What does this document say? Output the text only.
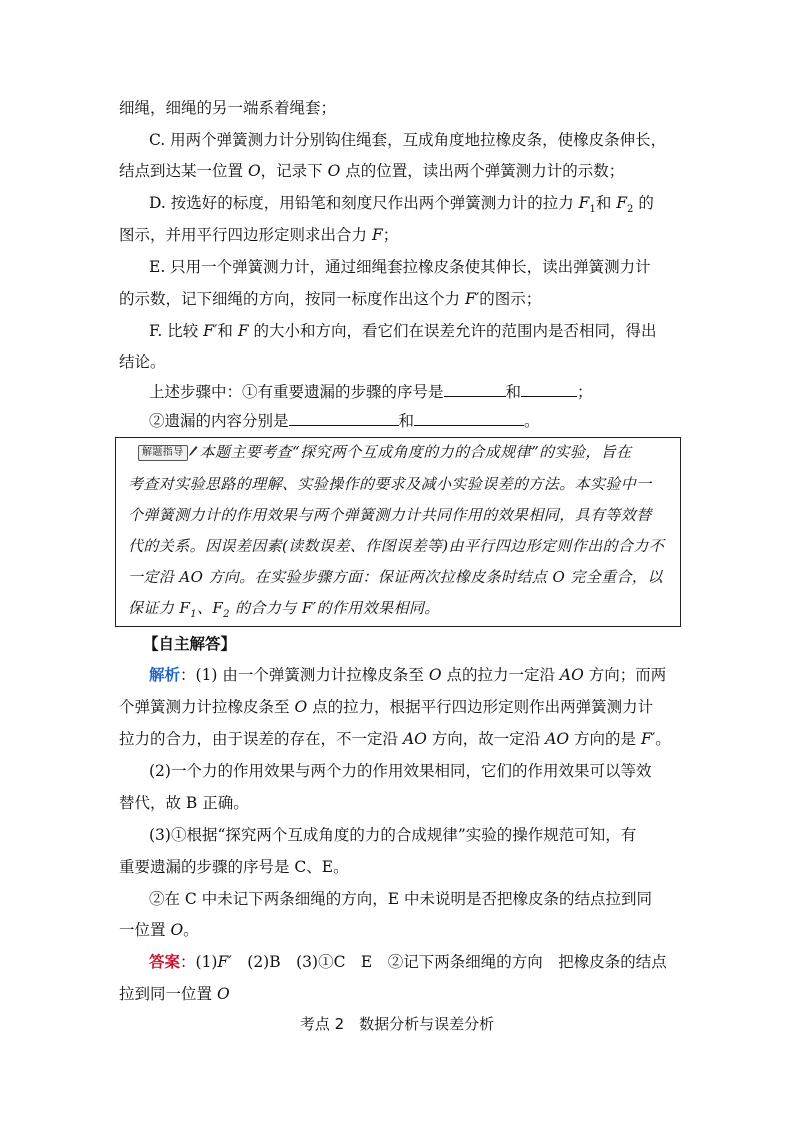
细绳，细绳的另一端系着绳套；
C. 用两个弹簧测力计分别钩住绳套，互成角度地拉橡皮条，使橡皮条伸长，
结点到达某一位置 O，记录下 O 点的位置，读出两个弹簧测力计的示数；
D. 按选好的标度，用铅笔和刻度尺作出两个弹簧测力计的拉力 $F_1$和 $F_2$ 的
图示，并用平行四边形定则求出合力 F；
E. 只用一个弹簧测力计，通过细绳套拉橡皮条使其伸长，读出弹簧测力计
的示数，记下细绳的方向，按同一标度作出这个力 F′的图示；
F. 比较 F′和 F 的大小和方向，看它们在误差允许的范围内是否相同，得出
结论。
上述步骤中：①有重要遗漏的步骤的序号是	和	；
②遗漏的内容分别是	和	。
解题指导 本题主要考查“探究两个互成角度的力的合成规律”的实验，旨在
考查对实验思路的理解、实验操作的要求及减小实验误差的方法。本实验中一
个弹簧测力计的作用效果与两个弹簧测力计共同作用的效果相同，具有等效替
代的关系。因误差因素(读数误差、作图误差等)由平行四边形定则作出的合力不
一定沿 AO 方向。在实验步骤方面：保证两次拉橡皮条时结点 O 完全重合，以
保证力 $F_1$、$F_2$ 的合力与 F′的作用效果相同。
【自主解答】
解析：(1) 由一个弹簧测力计拉橡皮条至 O 点的拉力一定沿 AO 方向；而两
个弹簧测力计拉橡皮条至 O 点的拉力，根据平行四边形定则作出两弹簧测力计
拉力的合力，由于误差的存在，不一定沿 AO 方向，故一定沿 AO 方向的是 F′。
(2)一个力的作用效果与两个力的作用效果相同，它们的作用效果可以等效
替代，故 B 正确。
(3)①根据“探究两个互成角度的力的合成规律”实验的操作规范可知，有
重要遗漏的步骤的序号是 C、E。
②在 C 中未记下两条细绳的方向，E 中未说明是否把橡皮条的结点拉到同
一位置 O。
答案：(1)F′　(2)B　(3)①C　E　②记下两条细绳的方向　把橡皮条的结点
拉到同一位置 O
考点 2　数据分析与误差分析
